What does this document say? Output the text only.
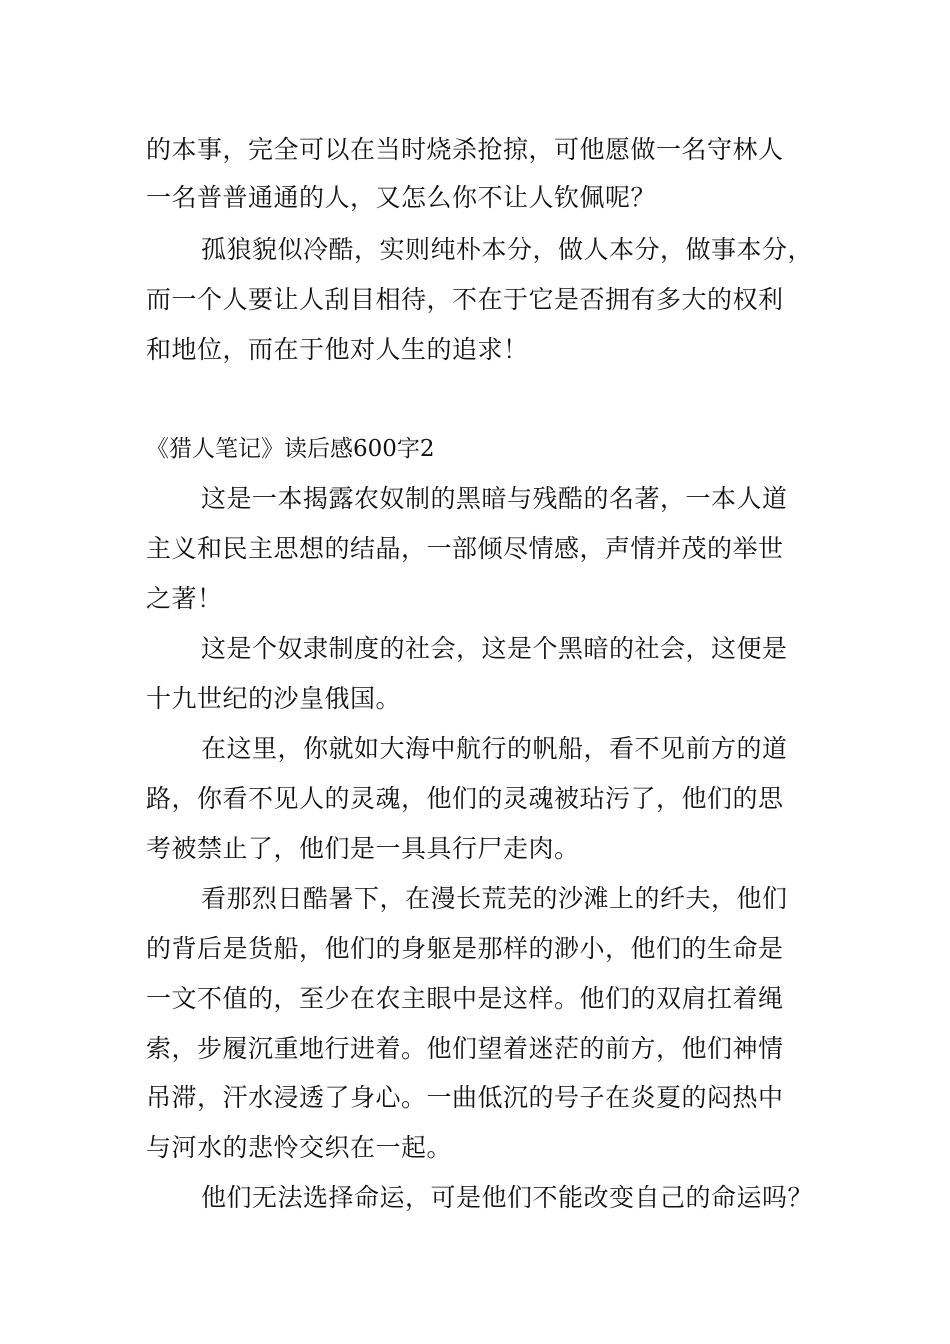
的本事，完全可以在当时烧杀抢掠，可他愿做一名守林人
一名普普通通的人，又怎么你不让人钦佩呢？
孤狼貌似冷酷，实则纯朴本分，做人本分，做事本分，
而一个人要让人刮目相待，不在于它是否拥有多大的权利
和地位，而在于他对人生的追求！
《猎人笔记》读后感600字2
这是一本揭露农奴制的黑暗与残酷的名著，一本人道
主义和民主思想的结晶，一部倾尽情感，声情并茂的举世
之著！
这是个奴隶制度的社会，这是个黑暗的社会，这便是
十九世纪的沙皇俄国。
在这里，你就如大海中航行的帆船，看不见前方的道
路，你看不见人的灵魂，他们的灵魂被玷污了，他们的思
考被禁止了，他们是一具具行尸走肉。
看那烈日酷暑下，在漫长荒芜的沙滩上的纤夫，他们
的背后是货船，他们的身躯是那样的渺小，他们的生命是
一文不值的，至少在农主眼中是这样。他们的双肩扛着绳
索，步履沉重地行进着。他们望着迷茫的前方，他们神情
吊滞，汗水浸透了身心。一曲低沉的号子在炎夏的闷热中
与河水的悲怜交织在一起。
他们无法选择命运，可是他们不能改变自己的命运吗？
